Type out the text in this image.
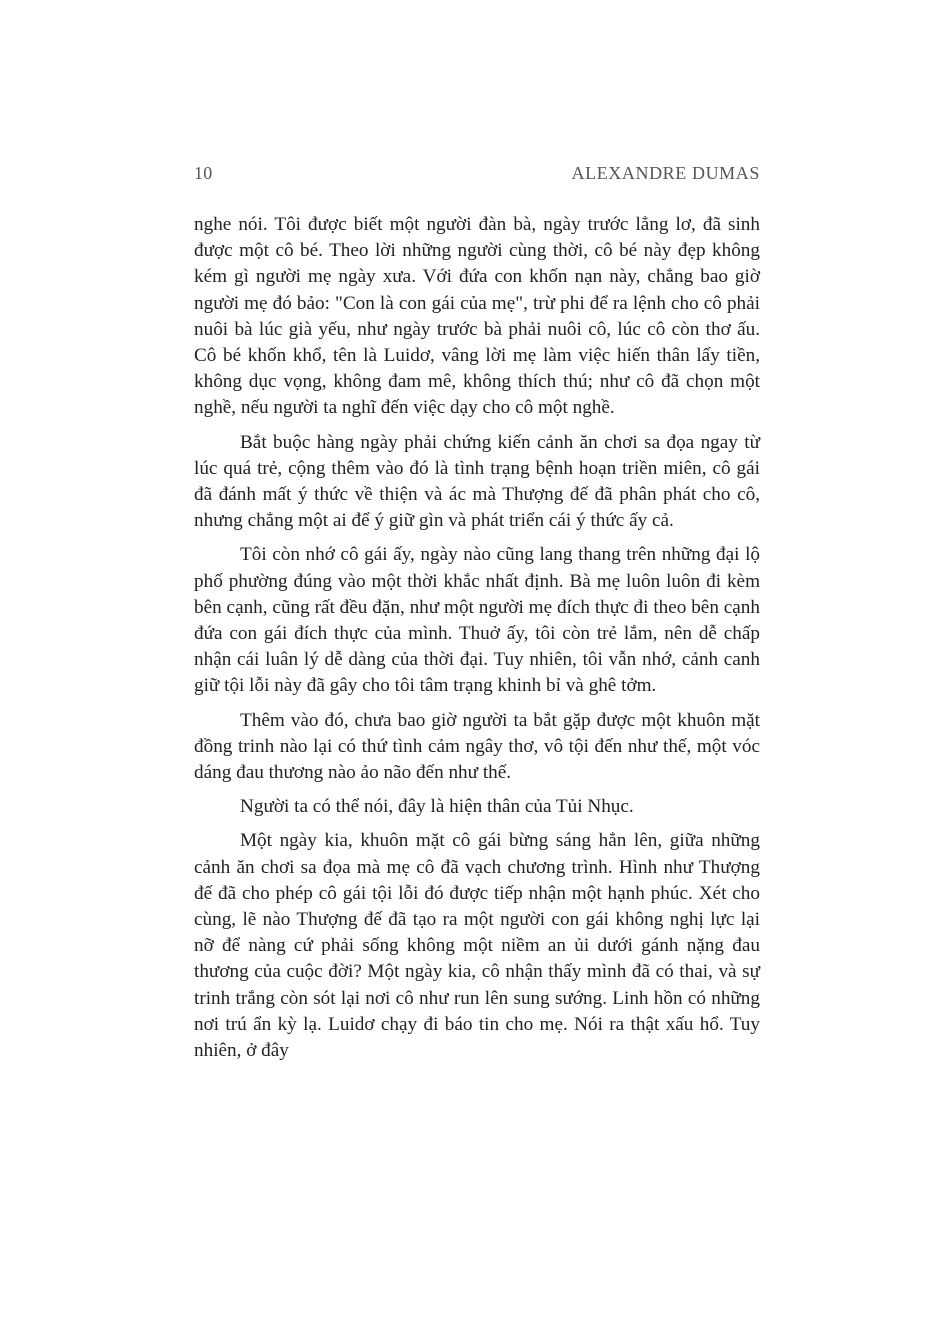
10	ALEXANDRE DUMAS

nghe nói. Tôi được biết một người đàn bà, ngày trước lẳng lơ, đã sinh được một cô bé. Theo lời những người cùng thời, cô bé này đẹp không kém gì người mẹ ngày xưa. Với đứa con khốn nạn này, chẳng bao giờ người mẹ đó bảo: "Con là con gái của mẹ", trừ phi để ra lệnh cho cô phải nuôi bà lúc già yếu, như ngày trước bà phải nuôi cô, lúc cô còn thơ ấu. Cô bé khốn khổ, tên là Luidơ, vâng lời mẹ làm việc hiến thân lấy tiền, không dục vọng, không đam mê, không thích thú; như cô đã chọn một nghề, nếu người ta nghĩ đến việc dạy cho cô một nghề.

Bắt buộc hàng ngày phải chứng kiến cảnh ăn chơi sa đọa ngay từ lúc quá trẻ, cộng thêm vào đó là tình trạng bệnh hoạn triền miên, cô gái đã đánh mất ý thức về thiện và ác mà Thượng đế đã phân phát cho cô, nhưng chẳng một ai để ý giữ gìn và phát triển cái ý thức ấy cả.

Tôi còn nhớ cô gái ấy, ngày nào cũng lang thang trên những đại lộ phố phường đúng vào một thời khắc nhất định. Bà mẹ luôn luôn đi kèm bên cạnh, cũng rất đều đặn, như một người mẹ đích thực đi theo bên cạnh đứa con gái đích thực của mình. Thuở ấy, tôi còn trẻ lắm, nên dễ chấp nhận cái luân lý dễ dàng của thời đại. Tuy nhiên, tôi vẫn nhớ, cảnh canh giữ tội lỗi này đã gây cho tôi tâm trạng khinh bỉ và ghê tởm.

Thêm vào đó, chưa bao giờ người ta bắt gặp được một khuôn mặt đồng trinh nào lại có thứ tình cảm ngây thơ, vô tội đến như thế, một vóc dáng đau thương nào ảo não đến như thế.

Người ta có thể nói, đây là hiện thân của Tủi Nhục.

Một ngày kia, khuôn mặt cô gái bừng sáng hẳn lên, giữa những cảnh ăn chơi sa đọa mà mẹ cô đã vạch chương trình. Hình như Thượng đế đã cho phép cô gái tội lỗi đó được tiếp nhận một hạnh phúc. Xét cho cùng, lẽ nào Thượng đế đã tạo ra một người con gái không nghị lực lại nỡ để nàng cứ phải sống không một niềm an ủi dưới gánh nặng đau thương của cuộc đời? Một ngày kia, cô nhận thấy mình đã có thai, và sự trinh trắng còn sót lại nơi cô như run lên sung sướng. Linh hồn có những nơi trú ẩn kỳ lạ. Luidơ chạy đi báo tin cho mẹ. Nói ra thật xấu hổ. Tuy nhiên, ở đây
